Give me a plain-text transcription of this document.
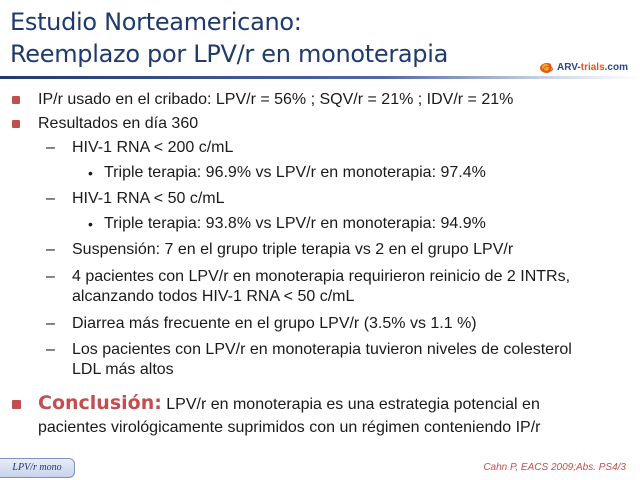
Estudio Norteamericano:
Reemplazo por LPV/r en monoterapia	ARV-trials.com
IP/r usado en el cribado: LPV/r = 56% ; SQV/r = 21% ; IDV/r = 21%
Resultados en día 360
– HIV-1 RNA < 200 c/mL
• Triple terapia: 96.9% vs LPV/r en monoterapia: 97.4%
– HIV-1 RNA < 50 c/mL
• Triple terapia: 93.8% vs LPV/r en monoterapia: 94.9%
– Suspensión: 7 en el grupo triple terapia vs 2 en el grupo LPV/r
– 4 pacientes con LPV/r en monoterapia requirieron reinicio de 2 INTRs,
alcanzando todos HIV-1 RNA < 50 c/mL
– Diarrea más frecuente en el grupo LPV/r (3.5% vs 1.1 %)
– Los pacientes con LPV/r en monoterapia tuvieron niveles de colesterol
LDL más altos
Conclusión: LPV/r en monoterapia es una estrategia potencial en pacientes virológicamente suprimidos con un régimen conteniendo IP/r
LPV/r mono	Cahn P, EACS 2009;Abs. PS4/3
